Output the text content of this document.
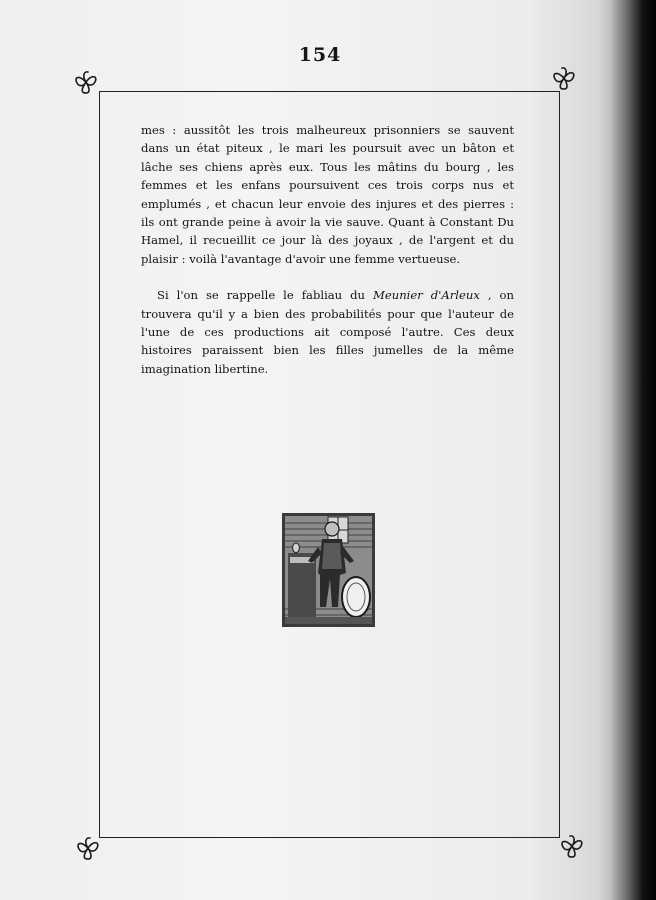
154

mes : aussitôt les trois malheureux prisonniers se sauvent dans un état piteux , le mari les poursuit avec un bâton et lâche ses chiens après eux. Tous les mâtins du bourg , les femmes et les enfans poursuivent ces trois corps nus et emplumés , et chacun leur envoie des injures et des pierres : ils ont grande peine à avoir la vie sauve. Quant à Constant Du Hamel, il recueillit ce jour là des joyaux , de l'argent et du plaisir : voilà l'avantage d'avoir une femme vertueuse.

Si l'on se rappelle le fabliau du Meunier d'Arleux , on trouvera qu'il y a bien des probabilités pour que l'auteur de l'une de ces productions ait composé l'autre. Ces deux histoires paraissent bien les filles jumelles de la même imagination libertine.
